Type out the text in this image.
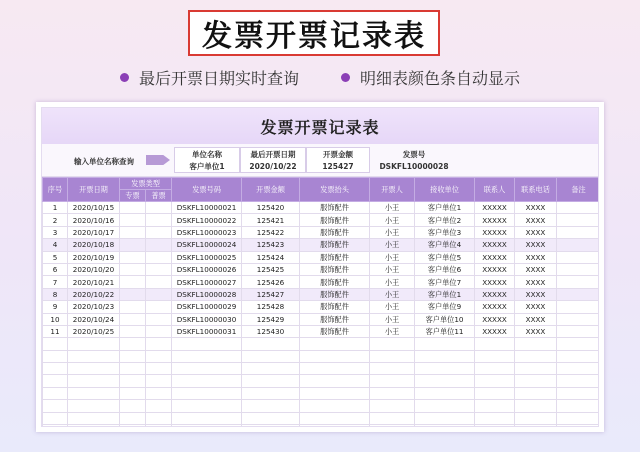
发票开票记录表
最后开票日期实时查询	明细表颜色条自动显示
发票开票记录表
输入单位名称查询
单位名称
客户单位1
最后开票日期
2020/10/22
开票金额
125427
发票号
DSKFL10000028
序号	开票日期	发票类型		发票号码	开票金额	发票抬头	开票人	接收单位	联系人	联系电话	备注
		专票	普票								
1	2020/10/15			DSKFL10000021	125420	服饰配件	小王	客户单位1	XXXXX	XXXX	
2	2020/10/16			DSKFL10000022	125421	服饰配件	小王	客户单位2	XXXXX	XXXX	
3	2020/10/17			DSKFL10000023	125422	服饰配件	小王	客户单位3	XXXXX	XXXX	
4	2020/10/18			DSKFL10000024	125423	服饰配件	小王	客户单位4	XXXXX	XXXX	
5	2020/10/19			DSKFL10000025	125424	服饰配件	小王	客户单位5	XXXXX	XXXX	
6	2020/10/20			DSKFL10000026	125425	服饰配件	小王	客户单位6	XXXXX	XXXX	
7	2020/10/21			DSKFL10000027	125426	服饰配件	小王	客户单位7	XXXXX	XXXX	
8	2020/10/22			DSKFL10000028	125427	服饰配件	小王	客户单位1	XXXXX	XXXX	
9	2020/10/23			DSKFL10000029	125428	服饰配件	小王	客户单位9	XXXXX	XXXX	
10	2020/10/24			DSKFL10000030	125429	服饰配件	小王	客户单位10	XXXXX	XXXX	
11	2020/10/25			DSKFL10000031	125430	服饰配件	小王	客户单位11	XXXXX	XXXX	
